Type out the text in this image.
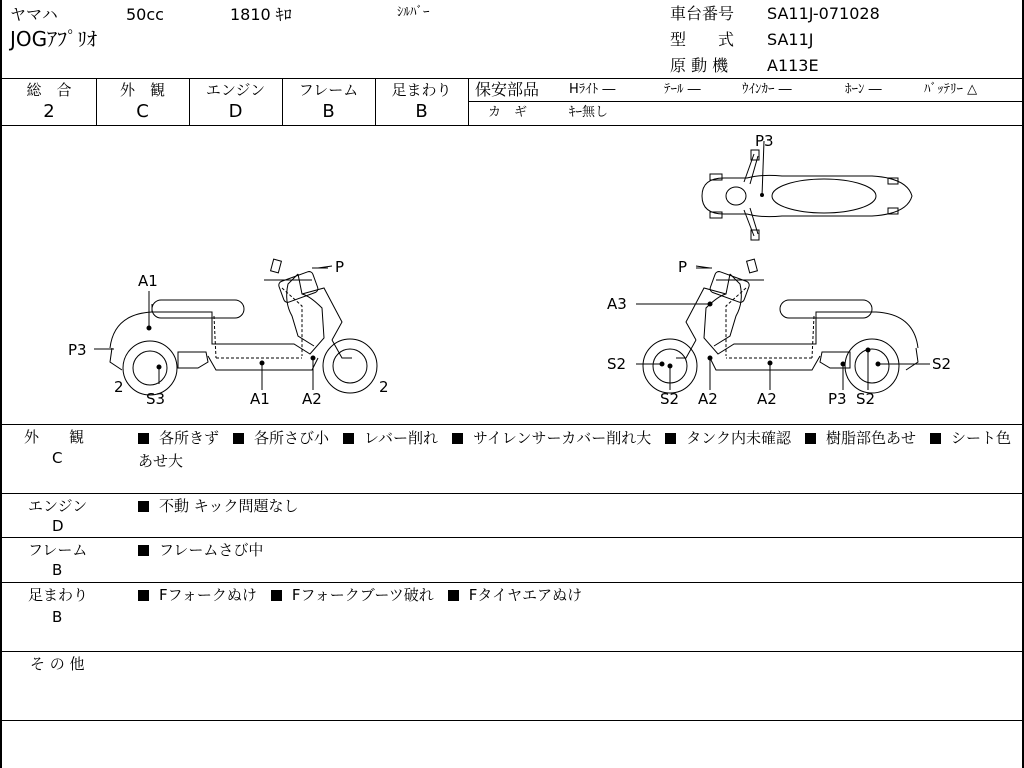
ヤマハ	50cc	1810 ｷﾛ	ｼﾙﾊﾞｰ
JOGｱﾌﾟﾘｵ
車台番号 SA11J-071028
型　　式 SA11J
原 動 機 A113E
総　合
2
外　観
C
エンジン
D
フレーム
B
足まわり
B
保安部品 Hﾗｲﾄ ―	ﾃｰﾙ ―	ｳｲﾝｶｰ ―	ﾎｰﾝ ―	ﾊﾞｯﾃﾘｰ △
カ　ギ	ｷｰ無し
P3
A1
P
P3
2
S3	A1 A2
2
P
A3
S2
S2
S2
A2	A2	P3 S2
外　　観
C
各所きず 各所さび小 レバー削れ サイレンサーカバー削れ大 タンク内未確認 樹脂部色あせ シート色あせ大
エンジン
D
不動 キック問題なし
フレーム
B
フレームさび中
足まわり
B
Fフォークぬけ Fフォークブーツ破れ Fタイヤエアぬけ
そ の 他
